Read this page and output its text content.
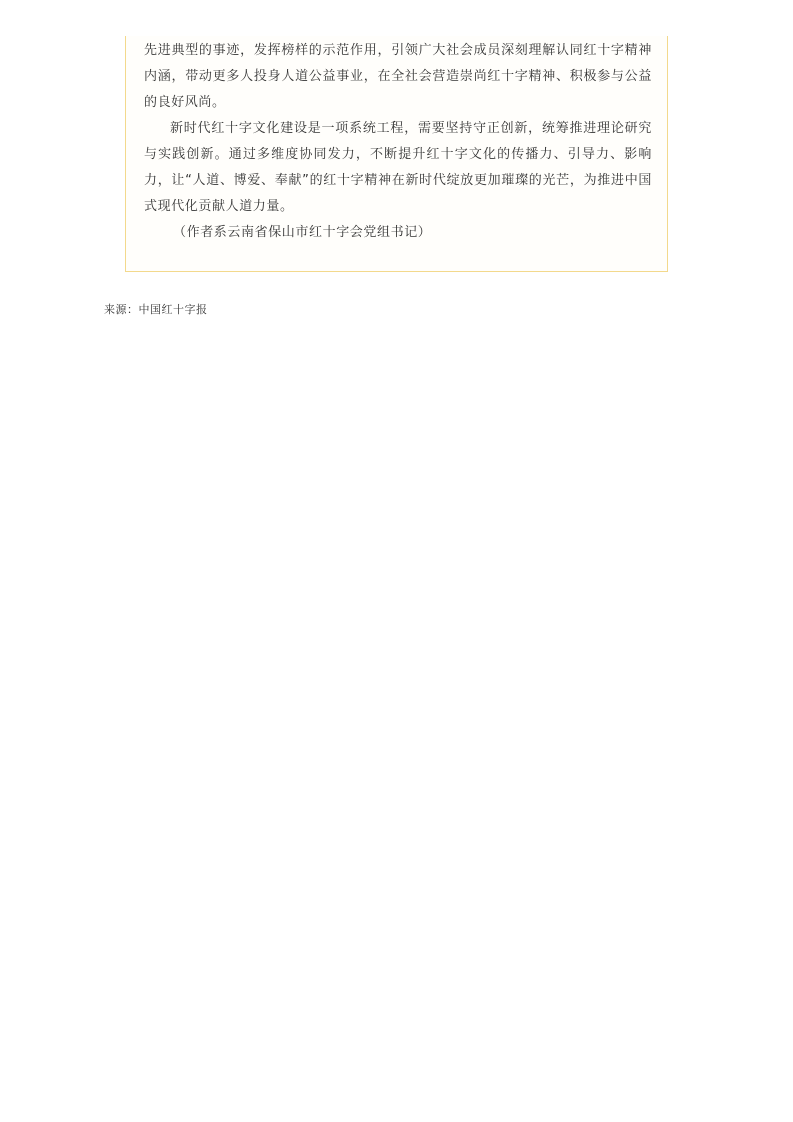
先进典型的事迹，发挥榜样的示范作用，引领广大社会成员深刻理解认同红十字精神内涵，带动更多人投身人道公益事业，在全社会营造崇尚红十字精神、积极参与公益的良好风尚。

新时代红十字文化建设是一项系统工程，需要坚持守正创新，统筹推进理论研究与实践创新。通过多维度协同发力，不断提升红十字文化的传播力、引导力、影响力，让“人道、博爱、奉献”的红十字精神在新时代绽放更加璀璨的光芒，为推进中国式现代化贡献人道力量。

（作者系云南省保山市红十字会党组书记）

来源：中国红十字报
